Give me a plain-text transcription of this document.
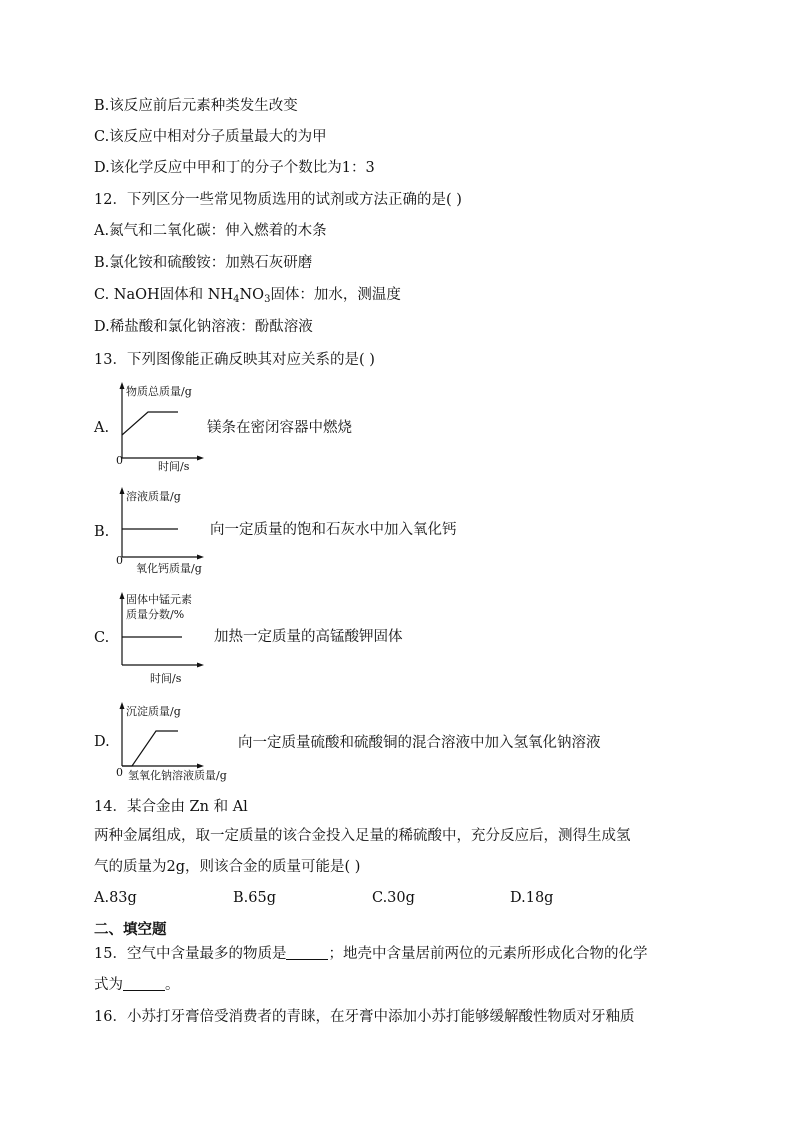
B.该反应前后元素种类发生改变
C.该反应中相对分子质量最大的为甲
D.该化学反应中甲和丁的分子个数比为1：3
12．下列区分一些常见物质选用的试剂或方法正确的是( )
A.氮气和二氧化碳：伸入燃着的木条
B.氯化铵和硫酸铵：加熟石灰研磨
C. NaOH固体和 $NH_4NO_3$固体：加水，测温度
D.稀盐酸和氯化钠溶液：酚酞溶液
13．下列图像能正确反映其对应关系的是( )
A.
物质总质量/g
0	时间/s
镁条在密闭容器中燃烧
B.
溶液质量/g
0
氧化钙质量/g
向一定质量的饱和石灰水中加入氧化钙
C.
固体中锰元素
质量分数/%
时间/s
加热一定质量的高锰酸钾固体
D.
沉淀质量/g
0 氢氧化钠溶液质量/g
向一定质量硫酸和硫酸铜的混合溶液中加入氢氧化钠溶液
14．某合金由 Zn 和 Al
两种金属组成，取一定质量的该合金投入足量的稀硫酸中，充分反应后，测得生成氢
气的质量为2g，则该合金的质量可能是( )
A.83g	B.65g	C.30g	D.18g
二、填空题
15．空气中含量最多的物质是	；地壳中含量居前两位的元素所形成化合物的化学
式为	。
16．小苏打牙膏倍受消费者的青睐，在牙膏中添加小苏打能够缓解酸性物质对牙釉质
